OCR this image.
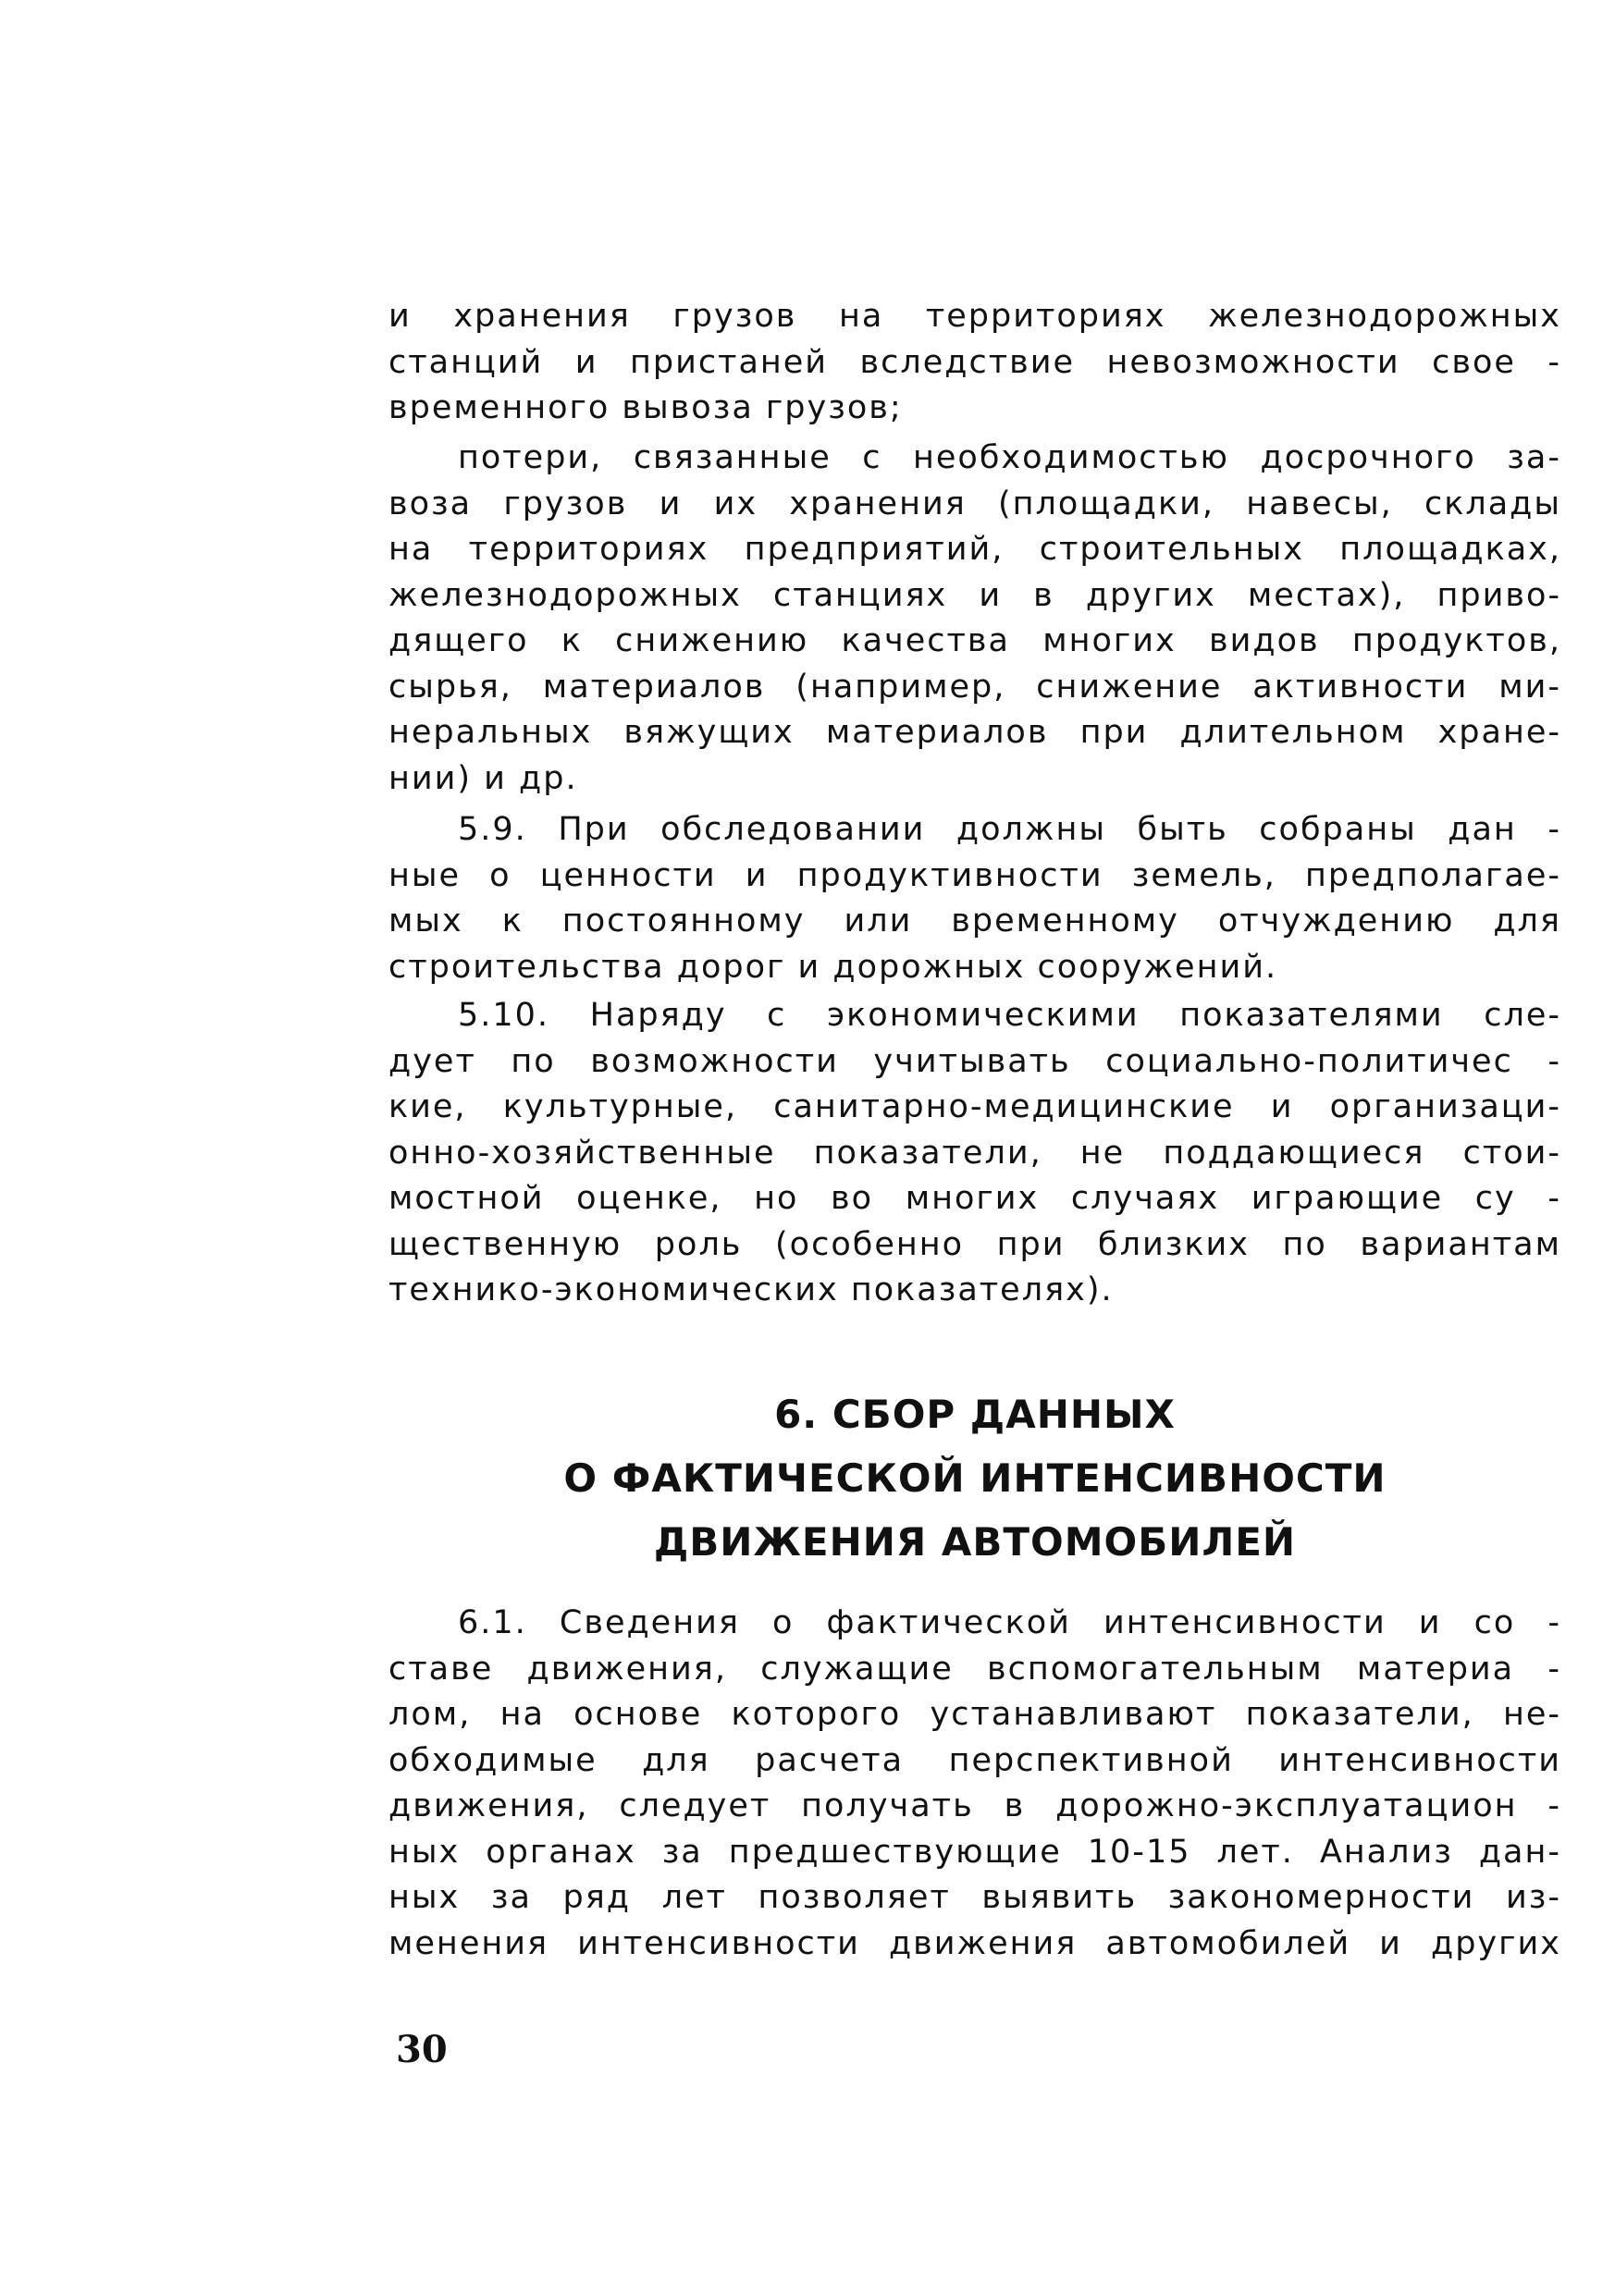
и хранения грузов на территориях железнодорожных
станций и пристаней вследствие невозможности свое -
временного вывоза грузов;
потери, связанные с необходимостью досрочного за-
воза грузов и их хранения (площадки, навесы, склады
на территориях предприятий, строительных площадках,
железнодорожных станциях и в других местах), приво-
дящего к снижению качества многих видов продуктов,
сырья, материалов (например, снижение активности ми-
неральных вяжущих материалов при длительном хране-
нии) и др.
5.9. При обследовании должны быть собраны дан -
ные о ценности и продуктивности земель, предполагае-
мых к постоянному или временному отчуждению для
строительства дорог и дорожных сооружений.
5.10. Наряду с экономическими показателями сле-
дует по возможности учитывать социально-политичес -
кие, культурные, санитарно-медицинские и организаци-
онно-хозяйственные показатели, не поддающиеся стои-
мостной оценке, но во многих случаях играющие су -
щественную роль (особенно при близких по вариантам
технико-экономических показателях).
6. СБОР ДАННЫХ
О ФАКТИЧЕСКОЙ ИНТЕНСИВНОСТИ
ДВИЖЕНИЯ АВТОМОБИЛЕЙ
6.1. Сведения о фактической интенсивности и со -
ставе движения, служащие вспомогательным материа -
лом, на основе которого устанавливают показатели, не-
обходимые для расчета перспективной интенсивности
движения, следует получать в дорожно-эксплуатацион -
ных органах за предшествующие 10-15 лет. Анализ дан-
ных за ряд лет позволяет выявить закономерности из-
менения интенсивности движения автомобилей и других
30
